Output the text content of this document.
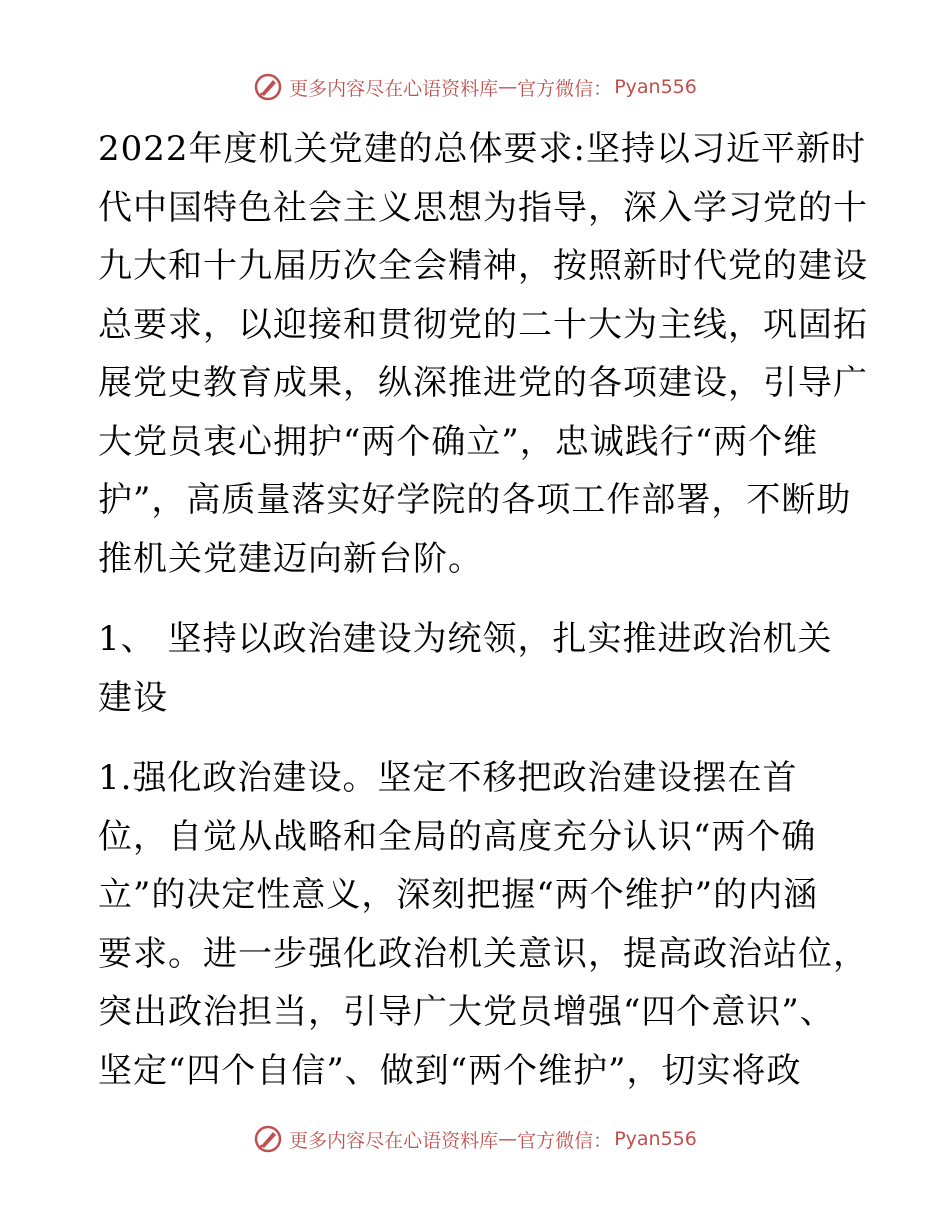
更多内容尽在心语资料库 — 官方微信： Pyan556
2022年度机关党建的总体要求:坚持以习近平新时
代中国特色社会主义思想为指导，深入学习党的十
九大和十九届历次全会精神，按照新时代党的建设
总要求，以迎接和贯彻党的二十大为主线，巩固拓
展党史教育成果，纵深推进党的各项建设，引导广
大党员衷心拥护“两个确立”，忠诚践行“两个维
护”，高质量落实好学院的各项工作部署，不断助
推机关党建迈向新台阶。
1、 坚持以政治建设为统领，扎实推进政治机关
建设
1.强化政治建设。坚定不移把政治建设摆在首
位，自觉从战略和全局的高度充分认识“两个确
立”的决定性意义，深刻把握“两个维护”的内涵
要求。进一步强化政治机关意识，提高政治站位，
突出政治担当，引导广大党员增强“四个意识”、
坚定“四个自信”、做到“两个维护”，切实将政
更多内容尽在心语资料库 — 官方微信： Pyan556
